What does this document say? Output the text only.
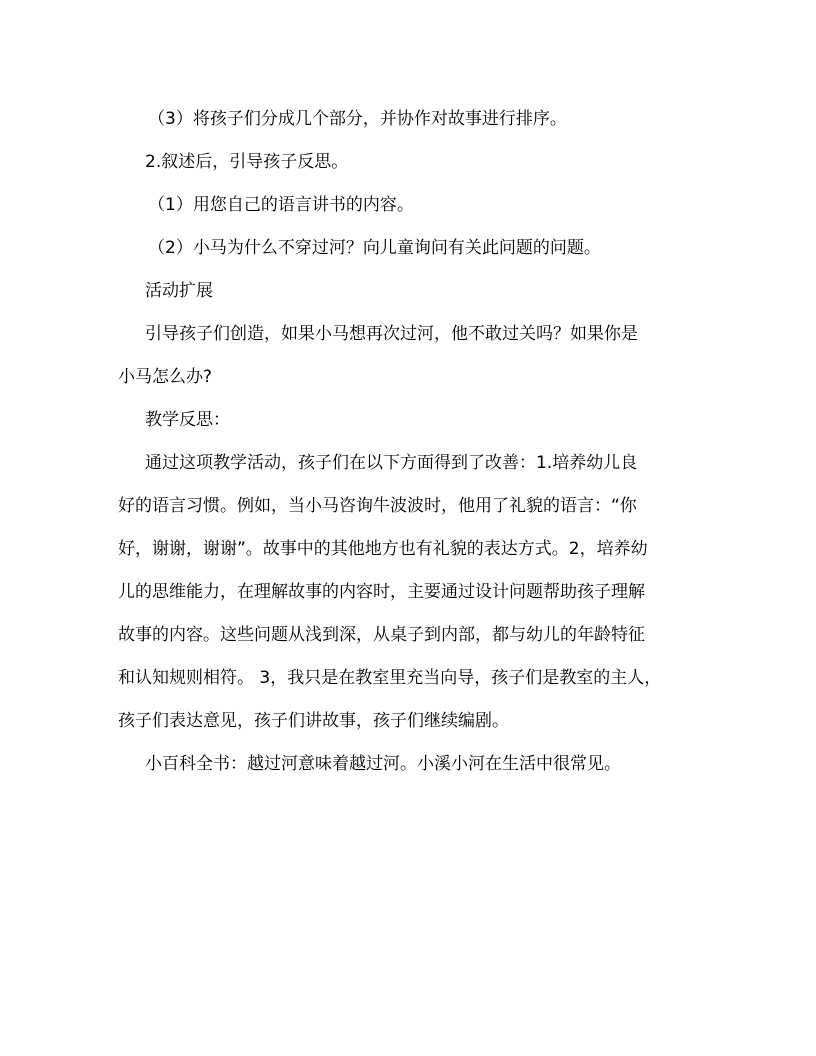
（3）将孩子们分成几个部分，并协作对故事进行排序。

2.叙述后，引导孩子反思。

（1）用您自己的语言讲书的内容。

（2）小马为什么不穿过河？向儿童询问有关此问题的问题。

活动扩展

引导孩子们创造，如果小马想再次过河，他不敢过关吗？如果你是
小马怎么办?

教学反思：

通过这项教学活动，孩子们在以下方面得到了改善：1.培养幼儿良
好的语言习惯。例如，当小马咨询牛波波时，他用了礼貌的语言：“你
好，谢谢，谢谢”。故事中的其他地方也有礼貌的表达方式。2，培养幼
儿的思维能力，在理解故事的内容时，主要通过设计问题帮助孩子理解
故事的内容。这些问题从浅到深，从桌子到内部，都与幼儿的年龄特征
和认知规则相符。 3，我只是在教室里充当向导，孩子们是教室的主人，
孩子们表达意见，孩子们讲故事，孩子们继续编剧。

小百科全书：越过河意味着越过河。小溪小河在生活中很常见。
